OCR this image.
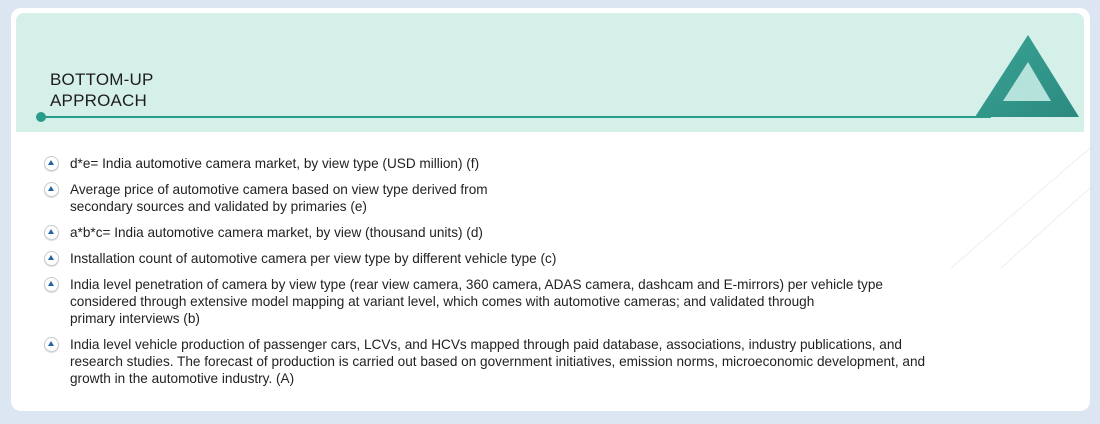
BOTTOM-UP
APPROACH
d*e= India automotive camera market, by view type (USD million) (f)
Average price of automotive camera based on view type derived from
secondary sources and validated by primaries (e)
a*b*c= India automotive camera market, by view (thousand units) (d)
Installation count of automotive camera per view type by different vehicle type (c)
India level penetration of camera by view type (rear view camera, 360 camera, ADAS camera, dashcam and E-mirrors) per vehicle type
considered through extensive model mapping at variant level, which comes with automotive cameras; and validated through
primary interviews (b)
India level vehicle production of passenger cars, LCVs, and HCVs mapped through paid database, associations, industry publications, and
research studies. The forecast of production is carried out based on government initiatives, emission norms, microeconomic development, and
growth in the automotive industry. (A)
